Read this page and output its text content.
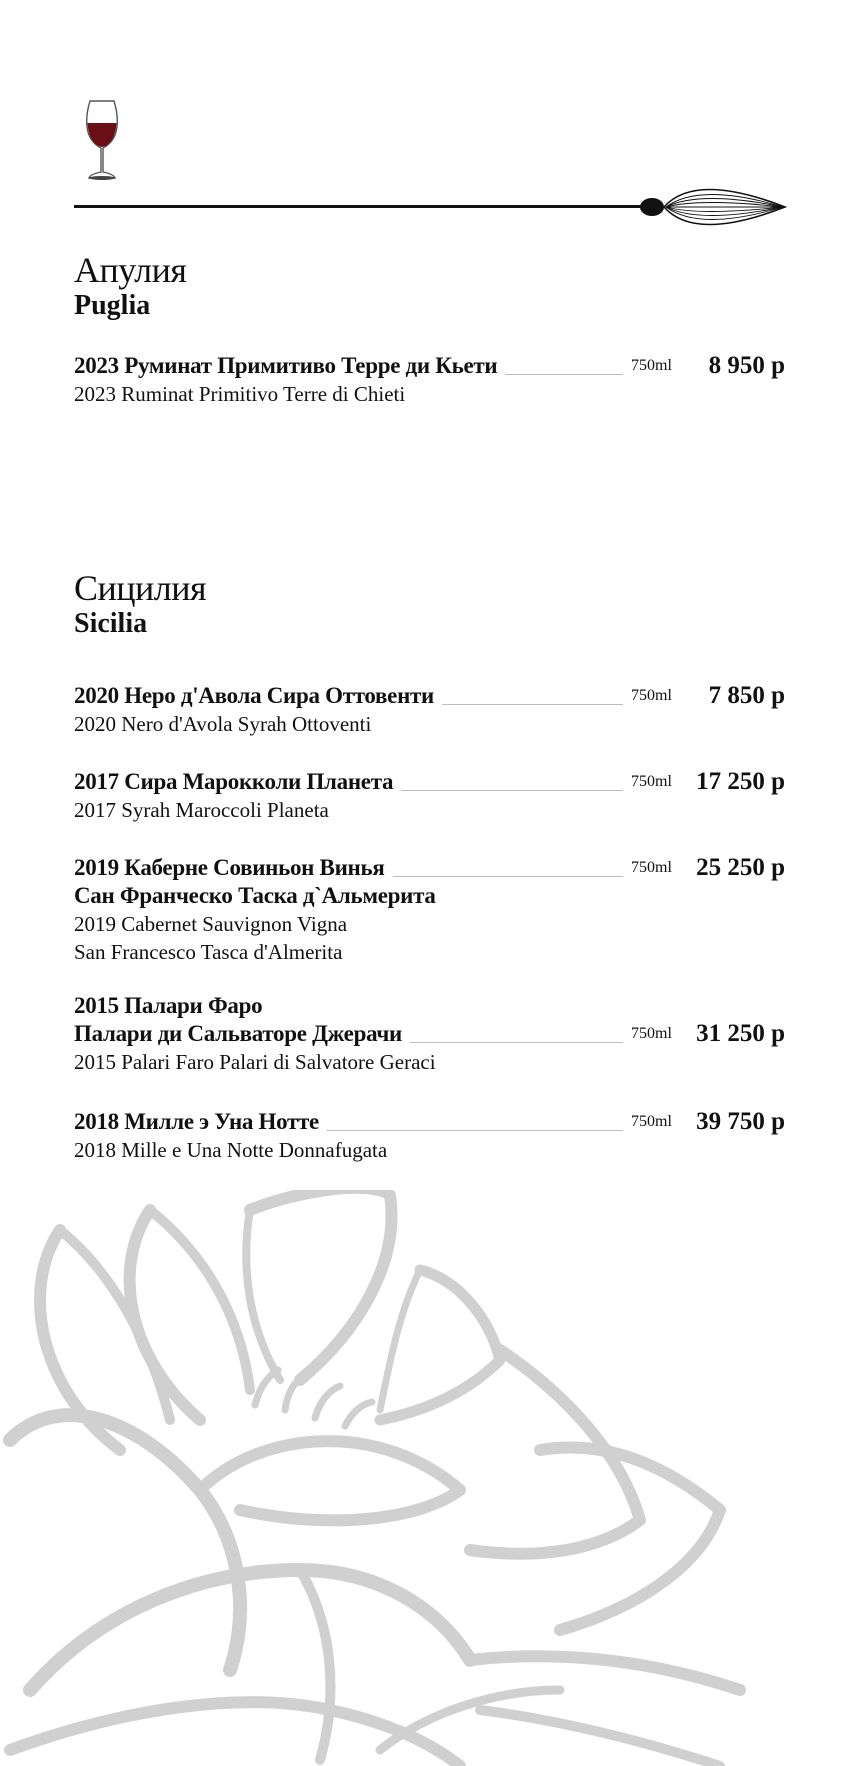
Апулия
Puglia
2023 Руминат Примитиво Терре ди Кьети	750ml	8 950 р
2023 Ruminat Primitivo Terre di Chieti
Сицилия
Sicilia
2020 Неро д'Авола Сира Оттовенти	750ml	7 850 р
2020 Nero d'Avola Syrah Ottoventi
2017 Сира Марокколи Планета	750ml 17 250 р
2017 Syrah Maroccoli Planeta
2019 Каберне Совиньон Винья	750ml 25 250 р
Сан Франческо Таска д`Альмерита
2019 Cabernet Sauvignon Vigna
San Francesco Tasca d'Almerita
2015 Палари Фаро
Палари ди Сальваторе Джерачи	750ml 31 250 р
2015 Palari Faro Palari di Salvatore Geraci
2018 Милле э Уна Нотте	750ml 39 750 р
2018 Mille e Una Notte Donnafugata
